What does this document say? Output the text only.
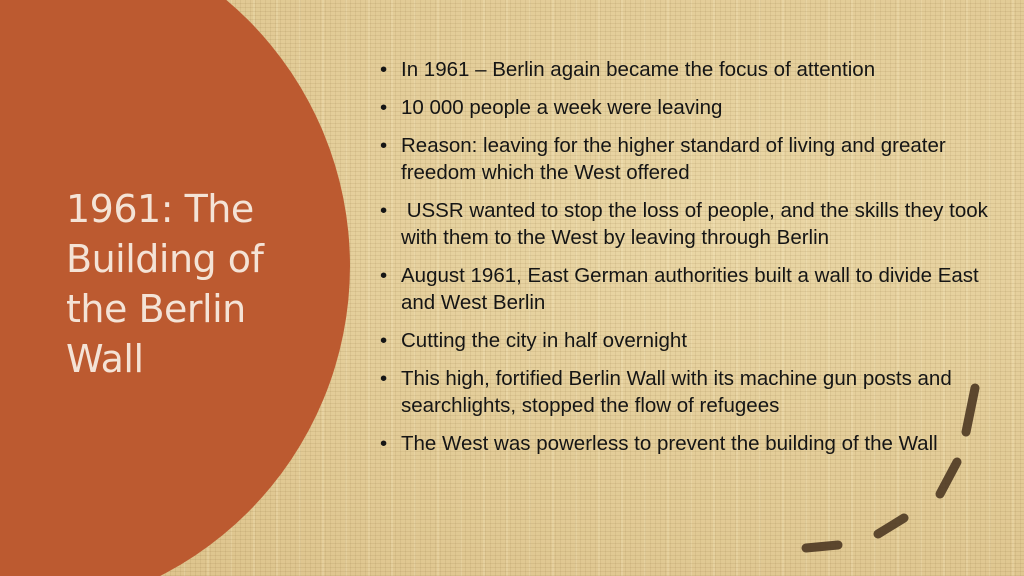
1961: The Building of the Berlin Wall
• In 1961 – Berlin again became the focus of attention
• 10 000 people a week were leaving
• Reason: leaving for the higher standard of living and greater freedom which the West offered
• USSR wanted to stop the loss of people, and the skills they took with them to the West by leaving through Berlin
• August 1961, East German authorities built a wall to divide East and West Berlin
• Cutting the city in half overnight
• This high, fortified Berlin Wall with its machine gun posts and searchlights, stopped the flow of refugees
• The West was powerless to prevent the building of the Wall
